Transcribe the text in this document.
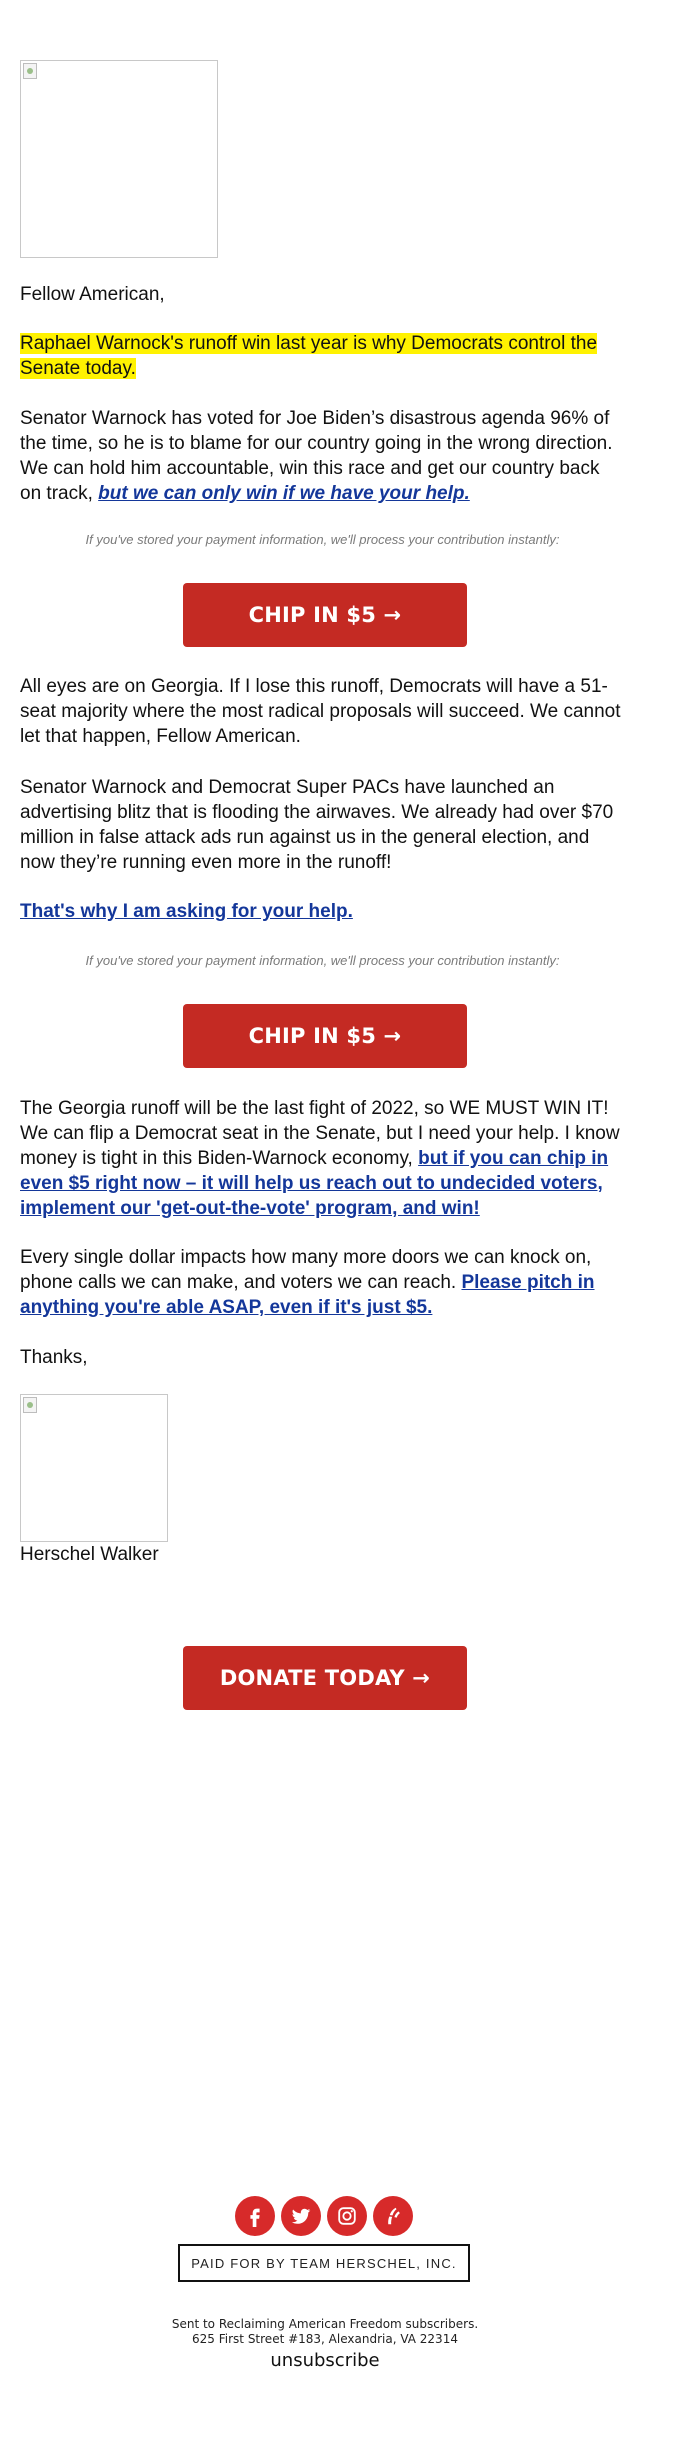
Fellow American,
Raphael Warnock's runoff win last year is why Democrats control the Senate today.
Senator Warnock has voted for Joe Biden’s disastrous agenda 96% of the time, so he is to blame for our country going in the wrong direction. We can hold him accountable, win this race and get our country back on track, but we can only win if we have your help.
If you've stored your payment information, we'll process your contribution instantly:
CHIP IN $5 →
All eyes are on Georgia. If I lose this runoff, Democrats will have a 51-seat majority where the most radical proposals will succeed. We cannot let that happen, Fellow American.
Senator Warnock and Democrat Super PACs have launched an advertising blitz that is flooding the airwaves. We already had over $70 million in false attack ads run against us in the general election, and now they’re running even more in the runoff!
That's why I am asking for your help.
If you've stored your payment information, we'll process your contribution instantly:
CHIP IN $5 →
The Georgia runoff will be the last fight of 2022, so WE MUST WIN IT! We can flip a Democrat seat in the Senate, but I need your help. I know money is tight in this Biden-Warnock economy, but if you can chip in even $5 right now – it will help us reach out to undecided voters, implement our 'get-out-the-vote' program, and win!
Every single dollar impacts how many more doors we can knock on, phone calls we can make, and voters we can reach. Please pitch in anything you're able ASAP, even if it's just $5.
Thanks,
Herschel Walker
DONATE TODAY →
PAID FOR BY TEAM HERSCHEL, INC.
Sent to Reclaiming American Freedom subscribers.
625 First Street #183, Alexandria, VA 22314
unsubscribe
